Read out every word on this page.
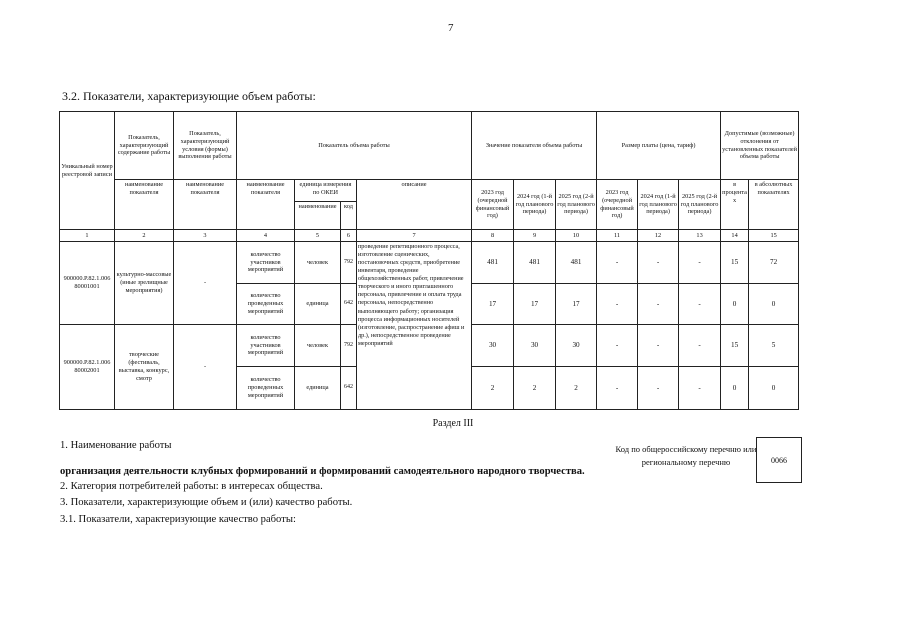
7
3.2. Показатели, характеризующие объем работы:
Уникальный номер реестровой записи	Показатель, характеризующий содержание работы	Показатель, характеризующий условия (формы) выполнения работы	Показатель объема работы				Значение показателя объема работы			Размер платы (цена, тариф)			Допустимые (возможные) отклонения от установленных показателей объема работы	
	наименование показателя	наименование показателя	наименование показателя	единица измерения по ОКЕИ		описание	2023 год (очередной финансовый год)	2024 год (1-й год планового периода)	2025 год (2-й год планового периода)	2023 год (очередной финансовый год)	2024 год (1-й год планового периода)	2025 год (2-й год планового периода)	в процентах	в абсолютных показателях
				наименование	код									
1	2	3	4	5	6	7	8	9	10	11	12	13	14	15
900000.Р.82.1.006 80001001	культурно-массовые (иные зрелищные мероприятия)	-	количество участников мероприятий	человек	792	проведение репетиционного процесса, изготовление сценических, постановочных средств, приобретение инвентаря, проведение общехозяйственных работ, привлечение творческого и иного приглашенного персонала, привлечение и оплата труда персонала, непосредственно выполняющего работу; организация процесса информационных носителей (изготовление, распространение афиш и др.), непосредственное проведение мероприятий	481	481	481	-	-	-	15	72
			количество проведенных мероприятий	единица	642		17	17	17	-	-	-	0	0
900000.Р.82.1.006 80002001	творческие (фестиваль, выставка, конкурс, смотр	-	количество участников мероприятий	человек	792		30	30	30	-	-	-	15	5
			количество проведенных мероприятий	единица	642		2	2	2	-	-	-	0	0
Раздел III
1. Наименование работы	Код по общероссийскому перечню или региональному перечню	0066
организация деятельности клубных формирований и формирований самодеятельного народного творчества.
2. Категория потребителей работы: в интересах общества.
3. Показатели, характеризующие объем и (или) качество работы.
3.1. Показатели, характеризующие качество работы:
